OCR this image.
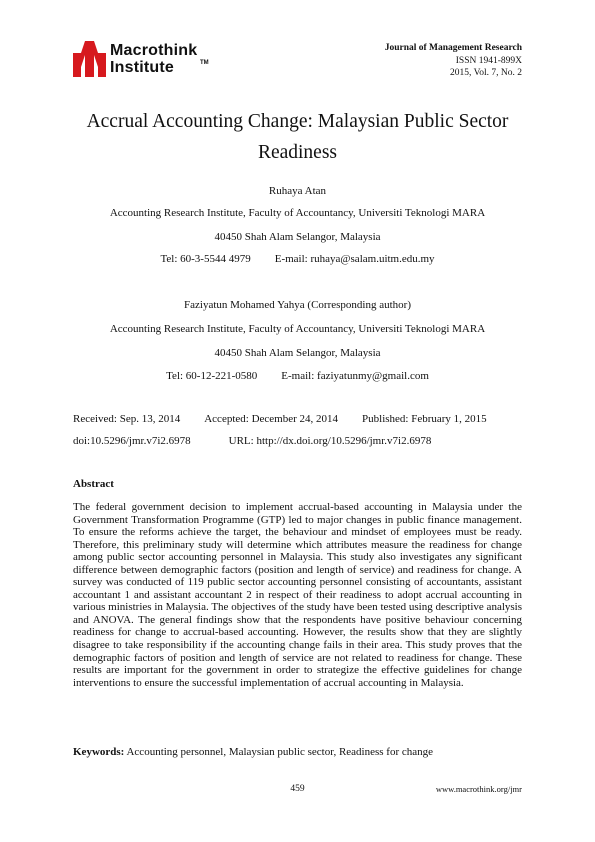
Macrothink
Institute	TM
Journal of Management Research
ISSN 1941-899X
2015, Vol. 7, No. 2
Accrual Accounting Change: Malaysian Public Sector
Readiness
Ruhaya Atan
Accounting Research Institute, Faculty of Accountancy, Universiti Teknologi MARA
40450 Shah Alam Selangor, Malaysia
Tel: 60-3-5544 4979 E-mail: ruhaya@salam.uitm.edu.my
Faziyatun Mohamed Yahya (Corresponding author)
Accounting Research Institute, Faculty of Accountancy, Universiti Teknologi MARA
40450 Shah Alam Selangor, Malaysia
Tel: 60-12-221-0580 E-mail: faziyatunmy@gmail.com
Received: Sep. 13, 2014 Accepted: December 24, 2014 Published: February 1, 2015
doi:10.5296/jmr.v7i2.6978	URL: http://dx.doi.org/10.5296/jmr.v7i2.6978
Abstract

The federal government decision to implement accrual-based accounting in Malaysia under the Government Transformation Programme (GTP) led to major changes in public finance management. To ensure the reforms achieve the target, the behaviour and mindset of employees must be ready. Therefore, this preliminary study will determine which attributes measure the readiness for change among public sector accounting personnel in Malaysia. This study also investigates any significant difference between demographic factors (position and length of service) and readiness for change. A survey was conducted of 119 public sector accounting personnel consisting of accountants, assistant accountant 1 and assistant accountant 2 in respect of their readiness to adopt accrual accounting in various ministries in Malaysia. The objectives of the study have been tested using descriptive analysis and ANOVA. The general findings show that the respondents have positive behaviour concerning readiness for change to accrual-based accounting. However, the results show that they are slightly disagree to take responsibility if the accounting change fails in their area. This study proves that the demographic factors of position and length of service are not related to readiness for change. These results are important for the government in order to strategize the effective guidelines for change interventions to ensure the successful implementation of accrual accounting in Malaysia.

Keywords: Accounting personnel, Malaysian public sector, Readiness for change
459	www.macrothink.org/jmr
